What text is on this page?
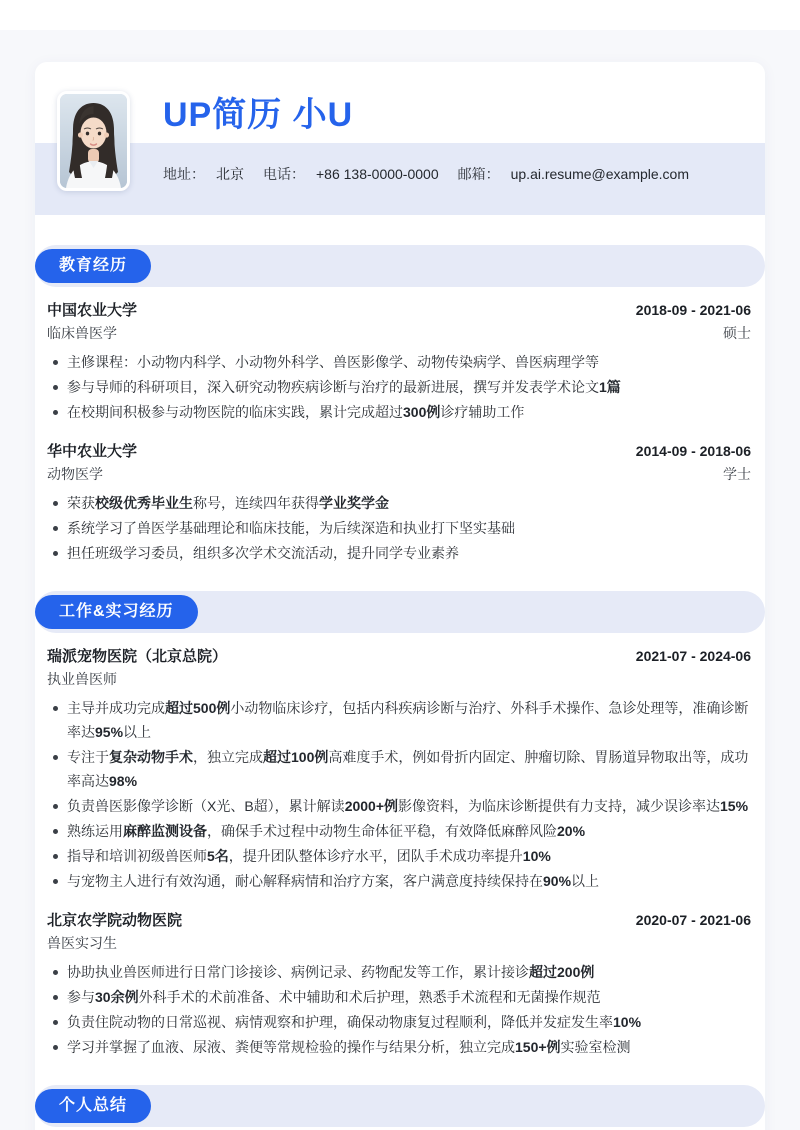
UP简历 小U
地址： 北京 电话： +86 138-0000-0000 邮箱： up.ai.resume@example.com
教育经历
中国农业大学	2018-09 - 2021-06
临床兽医学	硕士
主修课程：小动物内科学、小动物外科学、兽医影像学、动物传染病学、兽医病理学等
参与导师的科研项目，深入研究动物疾病诊断与治疗的最新进展，撰写并发表学术论文1篇
在校期间积极参与动物医院的临床实践，累计完成超过300例诊疗辅助工作
华中农业大学	2014-09 - 2018-06
动物医学	学士
荣获校级优秀毕业生称号，连续四年获得学业奖学金
系统学习了兽医学基础理论和临床技能，为后续深造和执业打下坚实基础
担任班级学习委员，组织多次学术交流活动，提升同学专业素养
工作&实习经历
瑞派宠物医院（北京总院）	2021-07 - 2024-06
执业兽医师
主导并成功完成超过500例小动物临床诊疗，包括内科疾病诊断与治疗、外科手术操作、急诊处理等，准确诊断率达95%以上
专注于复杂动物手术，独立完成超过100例高难度手术，例如骨折内固定、肿瘤切除、胃肠道异物取出等，成功率高达98%
负责兽医影像学诊断（X光、B超），累计解读2000+例影像资料，为临床诊断提供有力支持，减少误诊率达15%
熟练运用麻醉监测设备，确保手术过程中动物生命体征平稳，有效降低麻醉风险20%
指导和培训初级兽医师5名，提升团队整体诊疗水平，团队手术成功率提升10%
与宠物主人进行有效沟通，耐心解释病情和治疗方案，客户满意度持续保持在90%以上
北京农学院动物医院	2020-07 - 2021-06
兽医实习生
协助执业兽医师进行日常门诊接诊、病例记录、药物配发等工作，累计接诊超过200例
参与30余例外科手术的术前准备、术中辅助和术后护理，熟悉手术流程和无菌操作规范
负责住院动物的日常巡视、病情观察和护理，确保动物康复过程顺利，降低并发症发生率10%
学习并掌握了血液、尿液、粪便等常规检验的操作与结果分析，独立完成150+例实验室检测
个人总结
